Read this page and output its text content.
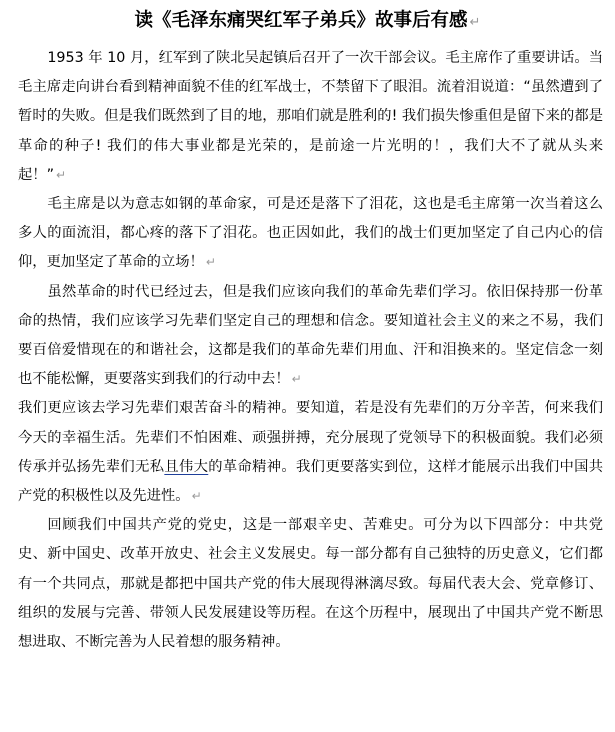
读《毛泽东痛哭红军子弟兵》故事后有感 ↵

1953 年 10 月，红军到了陕北吴起镇后召开了一次干部会议。毛主席作了重要讲话。当毛主席走向讲台看到精神面貌不佳的红军战士，不禁留下了眼泪。流着泪说道：“虽然遭到了暂时的失败。但是我们既然到了目的地，那咱们就是胜利的! 我们损失惨重但是留下来的都是革命的种子! 我们的伟大事业都是光荣的，是前途一片光明的！，我们大不了就从头来起！” ↵

毛主席是以为意志如钢的革命家，可是还是落下了泪花，这也是毛主席第一次当着这么多人的面流泪，都心疼的落下了泪花。也正因如此，我们的战士们更加坚定了自己内心的信仰，更加坚定了革命的立场！ ↵

虽然革命的时代已经过去，但是我们应该向我们的革命先辈们学习。依旧保持那一份革命的热情，我们应该学习先辈们坚定自己的理想和信念。要知道社会主义的来之不易，我们要百倍爱惜现在的和谐社会，这都是我们的革命先辈们用血、汗和泪换来的。坚定信念一刻也不能松懈，更要落实到我们的行动中去！ ↵

我们更应该去学习先辈们艰苦奋斗的精神。要知道，若是没有先辈们的万分辛苦，何来我们今天的幸福生活。先辈们不怕困难、顽强拼搏，充分展现了党领导下的积极面貌。我们必须传承并弘扬先辈们无私且伟大的革命精神。我们更要落实到位，这样才能展示出我们中国共产党的积极性以及先进性。 ↵

回顾我们中国共产党的党史，这是一部艰辛史、苦难史。可分为以下四部分：中共党史、新中国史、改革开放史、社会主义发展史。每一部分都有自己独特的历史意义，它们都有一个共同点，那就是都把中国共产党的伟大展现得淋漓尽致。每届代表大会、党章修订、组织的发展与完善、带领人民发展建设等历程。在这个历程中，展现出了中国共产党不断思想进取、不断完善为人民着想的服务精神。
